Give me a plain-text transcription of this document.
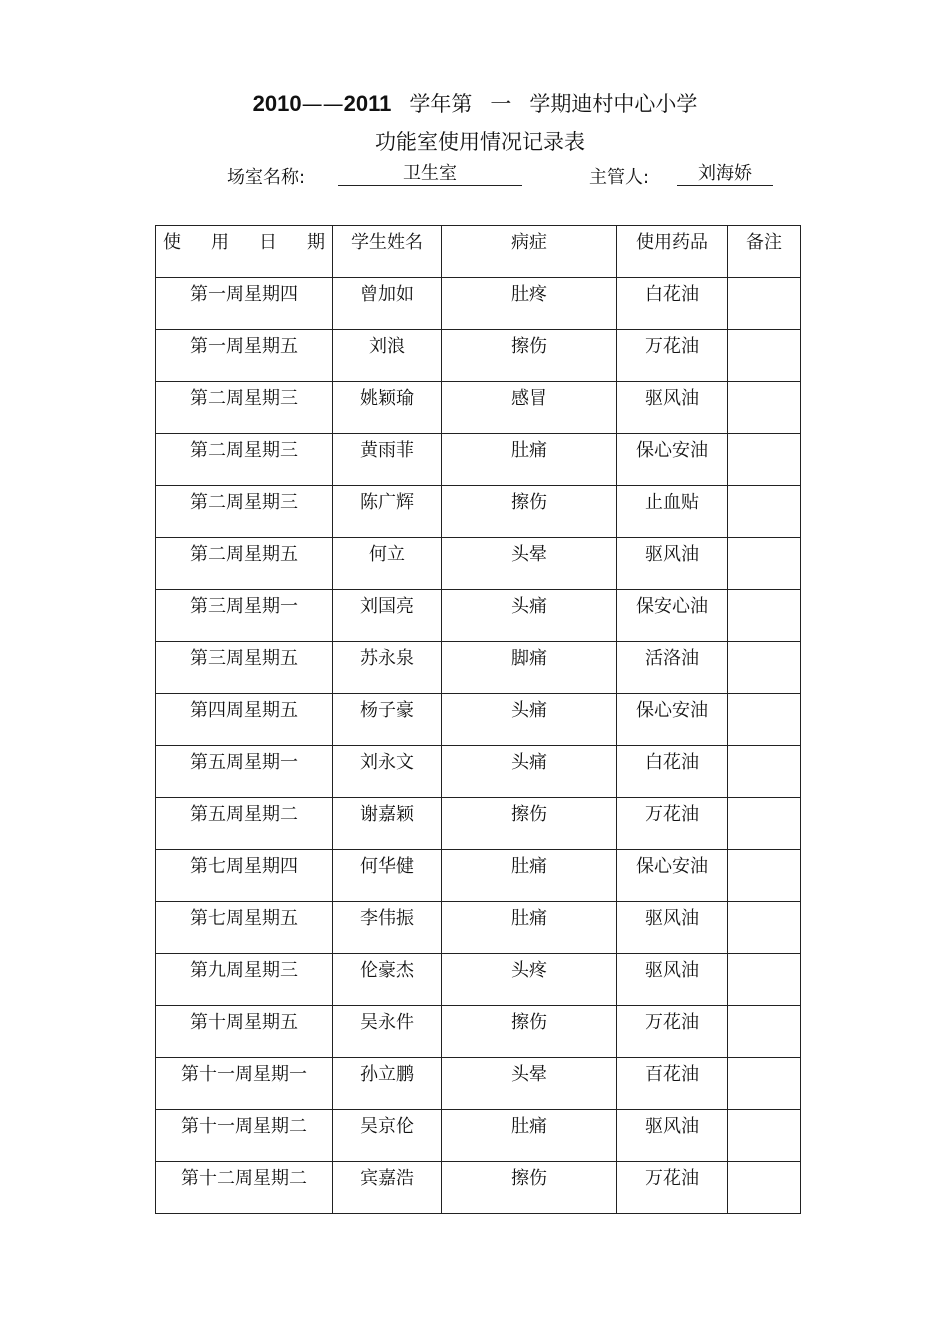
2010——2011 学年第 一 学期迪村中心小学
功能室使用情况记录表
场室名称:	卫生室	主管人:	刘海娇
使 用 日 期	学生姓名	病症	使用药品	备注

第一周星期四	曾加如	肚疼	白花油	

第一周星期五	刘浪	擦伤	万花油	

第二周星期三	姚颖瑜	感冒	驱风油	

第二周星期三	黄雨菲	肚痛	保心安油	

第二周星期三	陈广辉	擦伤	止血贴	

第二周星期五	何立	头晕	驱风油	

第三周星期一	刘国亮	头痛	保安心油	

第三周星期五	苏永泉	脚痛	活洛油	

第四周星期五	杨子豪	头痛	保心安油	

第五周星期一	刘永文	头痛	白花油	

第五周星期二	谢嘉颖	擦伤	万花油	

第七周星期四	何华健	肚痛	保心安油	

第七周星期五	李伟振	肚痛	驱风油	

第九周星期三	伦豪杰	头疼	驱风油	

第十周星期五	吴永件	擦伤	万花油	

第十一周星期一	孙立鹏	头晕	百花油	

第十一周星期二	吴京伦	肚痛	驱风油	

第十二周星期二	宾嘉浩	擦伤	万花油	
